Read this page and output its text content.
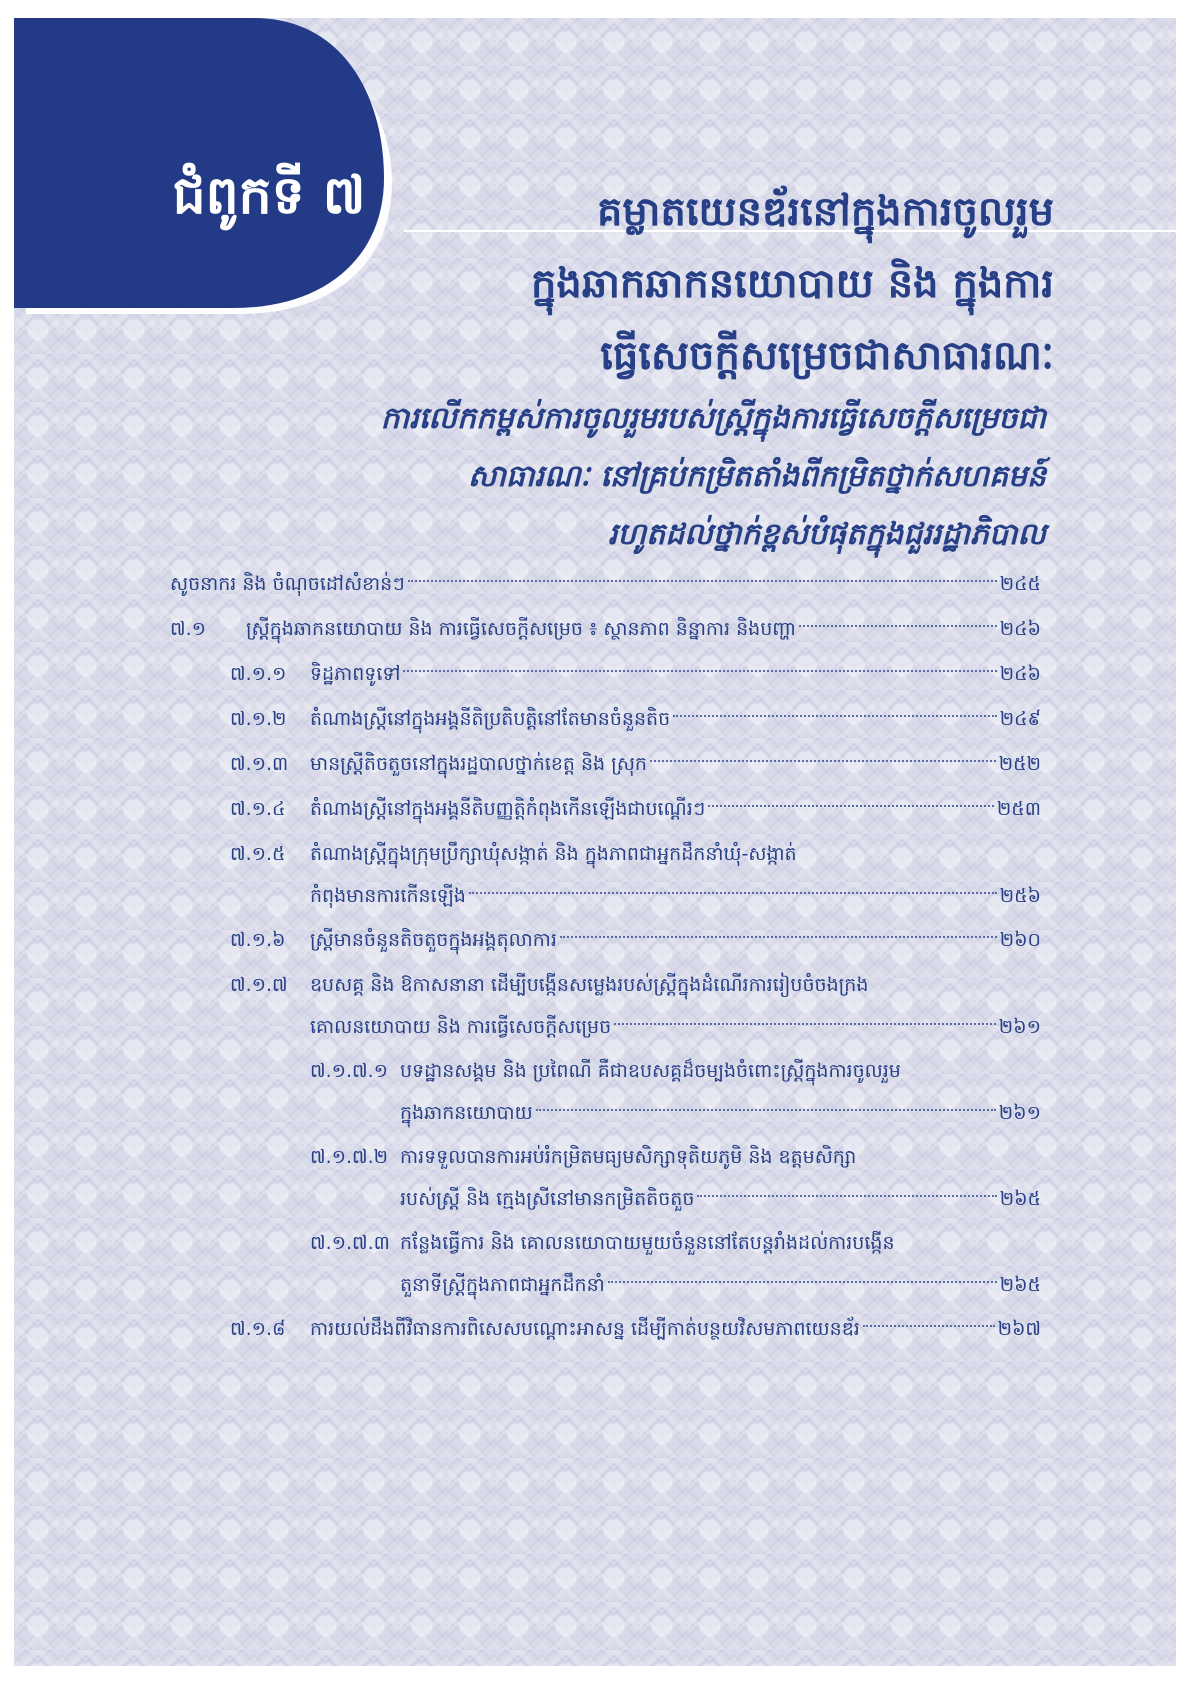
ជំពូកទី ៧	គម្លាតយេនឌ័រនៅក្នុងការចូលរួម
ក្នុងឆាកឆាកនយោបាយ និង ក្នុងការ
ធ្វើសេចក្តីសម្រេចជាសាធារណៈ
ការលើកកម្ពស់ការចូលរួមរបស់ស្ត្រីក្នុងការធ្វើសេចក្តីសម្រេចជា
សាធារណៈ នៅគ្រប់កម្រិតតាំងពីកម្រិតថ្នាក់សហគមន៍
រហូតដល់ថ្នាក់ខ្ពស់បំផុតក្នុងជួររដ្ឋាភិបាល
សូចនាករ និង ចំណុចដៅសំខាន់ៗ	២៤៥
៧.១ ស្ត្រីក្នុងឆាកនយោបាយ និង ការធ្វើសេចក្តីសម្រេច ៖ ស្ថានភាព និន្នាការ និងបញ្ហា	២៤៦
៧.១.១ ទិដ្ឋភាពទូទៅ	២៤៦
៧.១.២ តំណាងស្ត្រីនៅក្នុងអង្គនីតិប្រតិបត្តិនៅតែមានចំនួនតិច	២៤៩
៧.១.៣ មានស្ត្រីតិចតួចនៅក្នុងរដ្ឋបាលថ្នាក់ខេត្ត និង ស្រុក	២៥២
៧.១.៤ តំណាងស្ត្រីនៅក្នុងអង្គនីតិបញ្ញត្តិកំពុងកើនឡើងជាបណ្តើរៗ	២៥៣
៧.១.៥ តំណាងស្ត្រីក្នុងក្រុមប្រឹក្សាឃុំសង្កាត់ និង ក្នុងភាពជាអ្នកដឹកនាំឃុំ-សង្កាត់
កំពុងមានការកើនឡើង	២៥៦
៧.១.៦ ស្ត្រីមានចំនួនតិចតួចក្នុងអង្គតុលាការ	២៦០
៧.១.៧ ឧបសគ្គ និង ឱកាសនានា ដើម្បីបង្កើនសម្លេងរបស់ស្ត្រីក្នុងដំណើរការរៀបចំចងក្រង
គោលនយោបាយ និង ការធ្វើសេចក្តីសម្រេច	២៦១
៧.១.៧.១ បទដ្ឋានសង្គម និង ប្រពៃណី គឺជាឧបសគ្គដ៏ចម្បងចំពោះស្ត្រីក្នុងការចូលរួម
ក្នុងឆាកនយោបាយ	២៦១
៧.១.៧.២ ការទទួលបានការអប់រំកម្រិតមធ្យមសិក្សាទុតិយភូមិ និង ឧត្តមសិក្សា
របស់ស្ត្រី និង ក្មេងស្រីនៅមានកម្រិតតិចតួច	២៦៥
៧.១.៧.៣ កន្លែងធ្វើការ និង គោលនយោបាយមួយចំនួននៅតែបន្តរាំងដល់ការបង្កើន
តួនាទីស្ត្រីក្នុងភាពជាអ្នកដឹកនាំ	២៦៥
៧.១.៨ ការយល់ដឹងពីវិធានការពិសេសបណ្តោះអាសន្ន ដើម្បីកាត់បន្ថយវិសមភាពយេនឌ័រ	២៦៧
